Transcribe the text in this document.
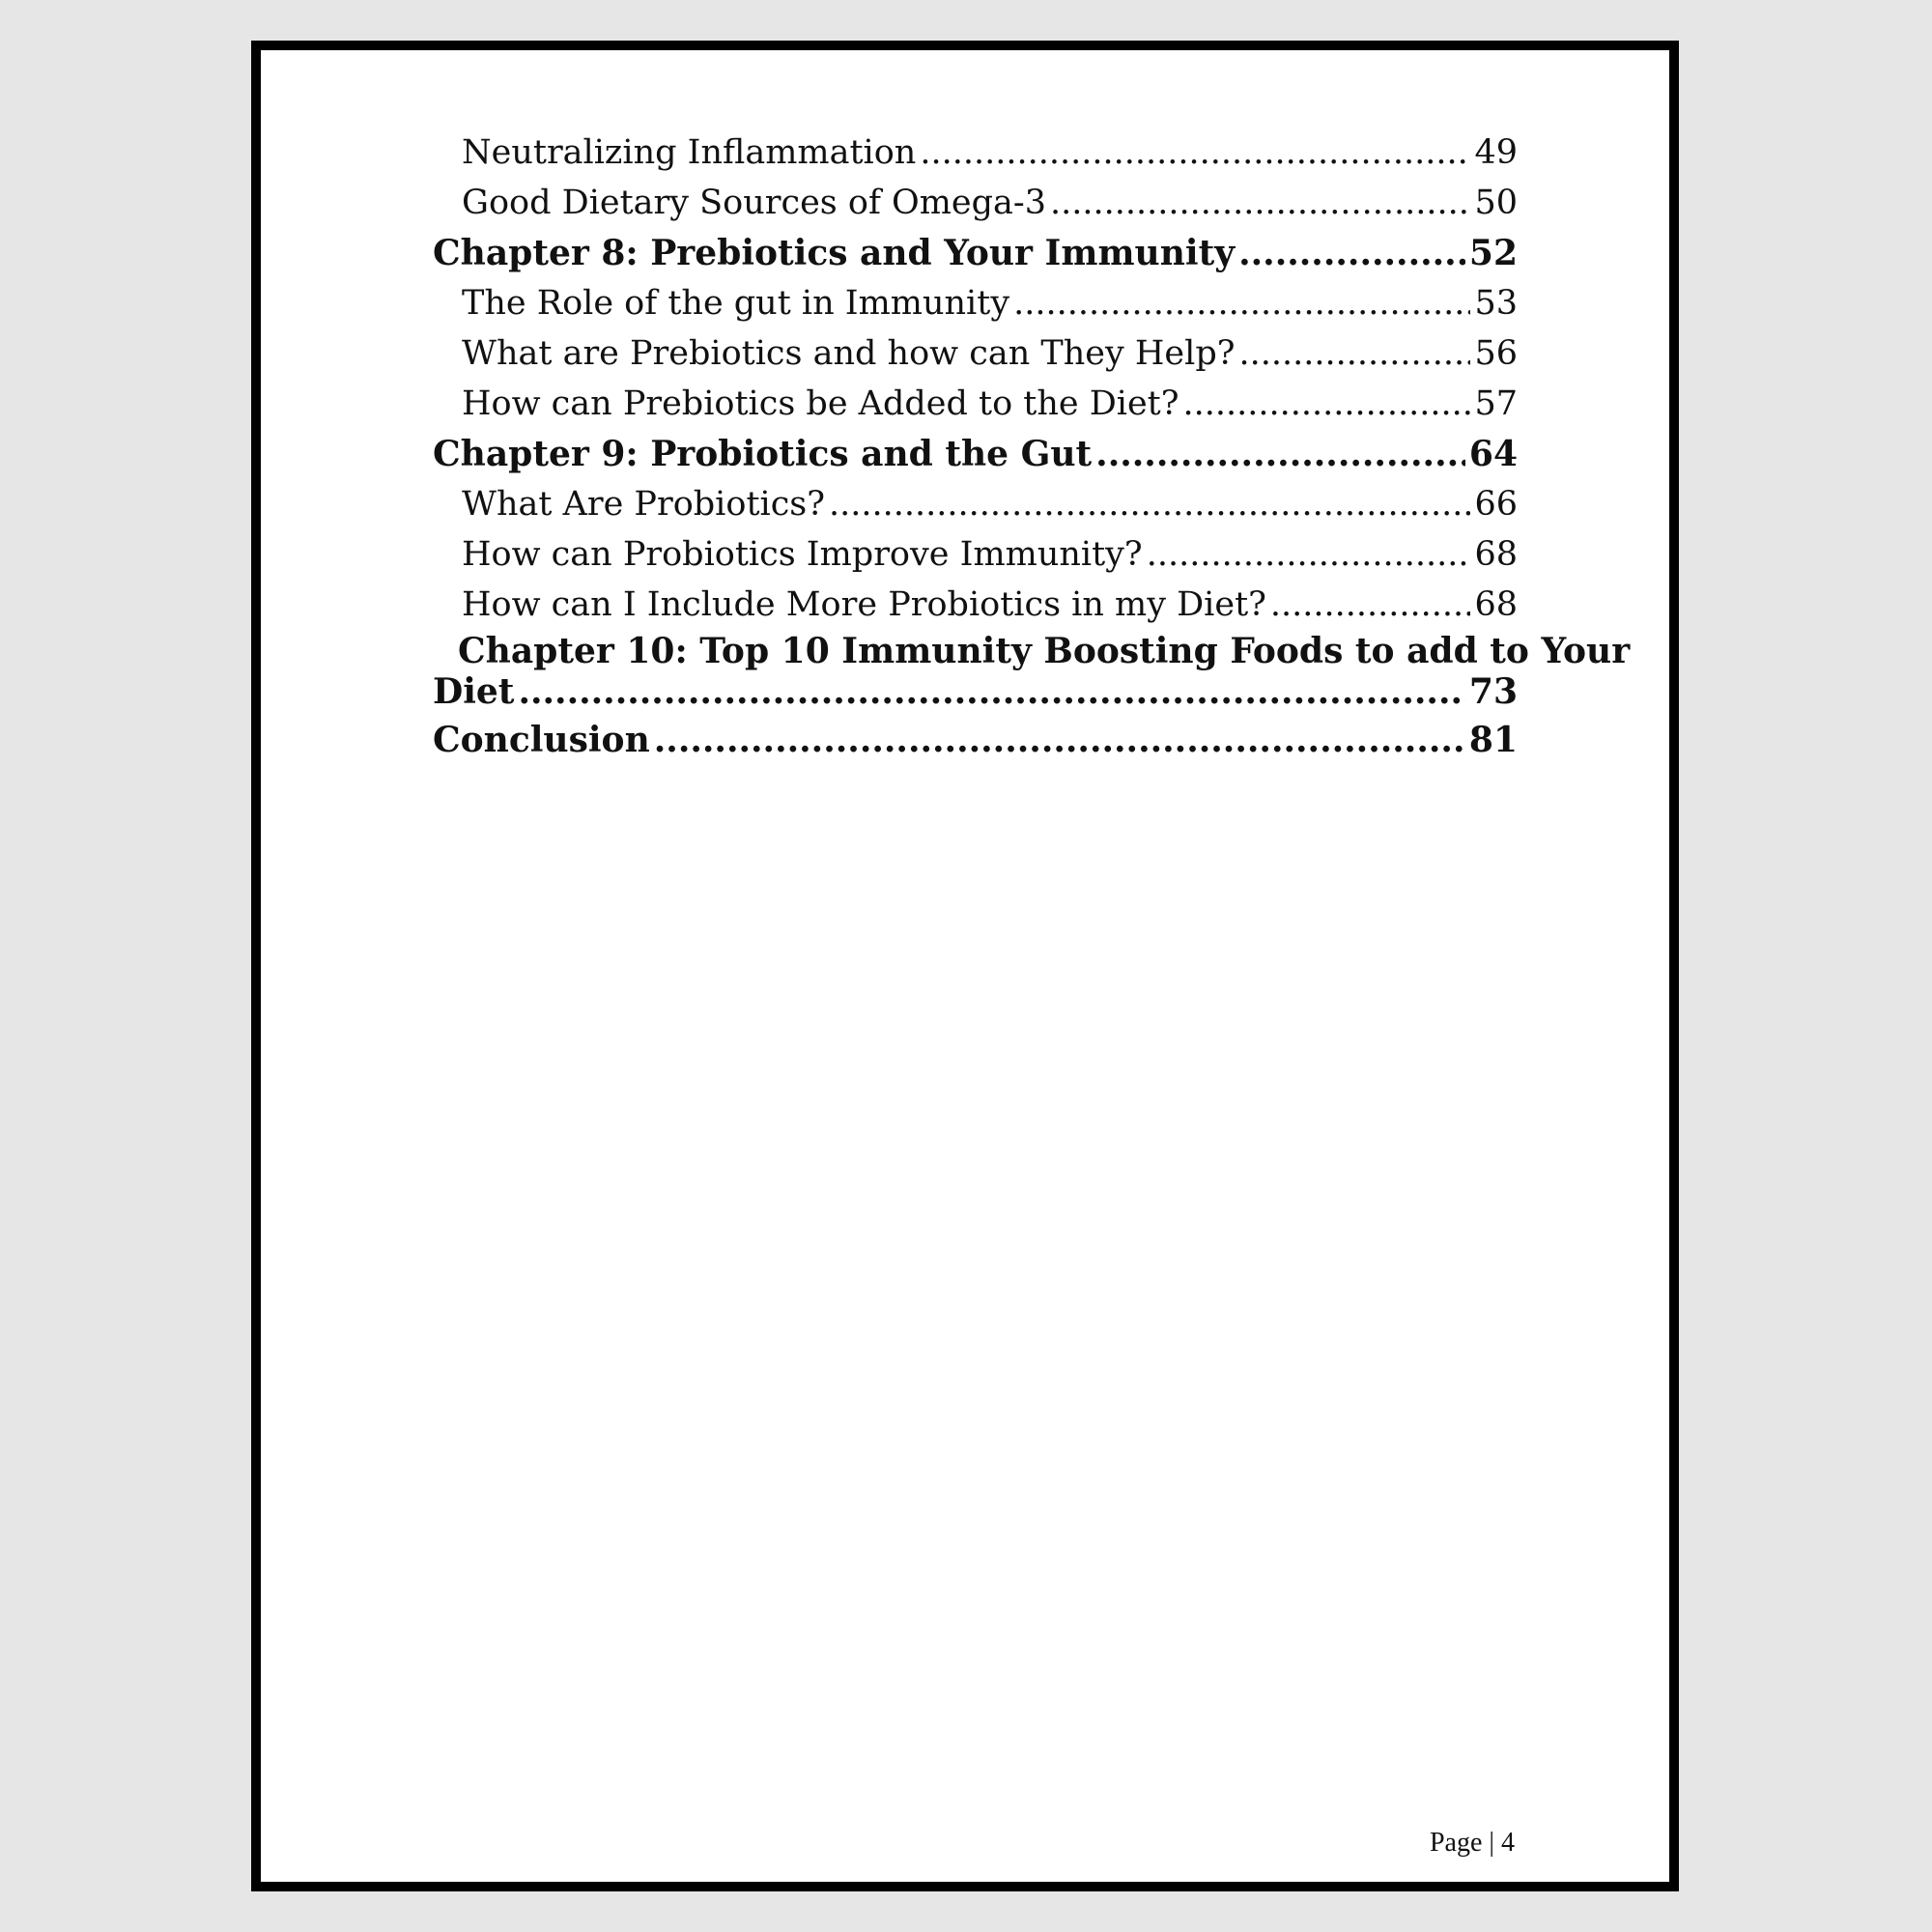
Neutralizing Inflammation .....	49
Good Dietary Sources of Omega-3 .....	50
Chapter 8: Prebiotics and Your Immunity .....	52
The Role of the gut in Immunity .....	53
What are Prebiotics and how can They Help? .....	56
How can Prebiotics be Added to the Diet? .....	57
Chapter 9: Probiotics and the Gut .....	64
What Are Probiotics? .....	66
How can Probiotics Improve Immunity? .....	68
How can I Include More Probiotics in my Diet? .....	68
Chapter 10: Top 10 Immunity Boosting Foods to add to Your
Diet .....	73
Conclusion .....	81
Page | 4
